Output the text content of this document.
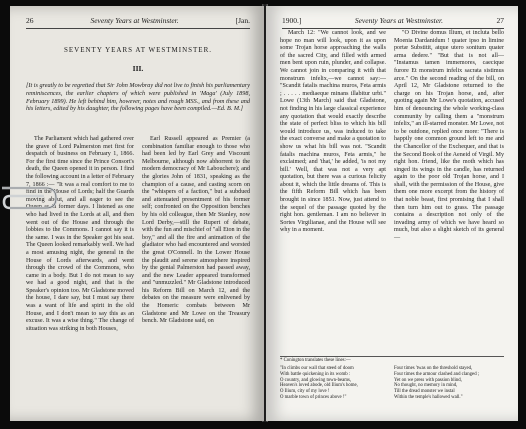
26	Seventy Years at Westminster.	[Jan.
SEVENTY YEARS AT WESTMINSTER.
III.
[It is greatly to be regretted that Sir John Mowbray did not live to finish his parliamentary reminiscences, the earlier chapters of which were published in 'Maga' (July 1898, February 1899). He left behind him, however, notes and rough MSS., and from these and his letters, edited by his daughter, the following pages have been compiled.—Ed. B. M.]

The Parliament which had gathered over the grave of Lord Palmerston met first for despatch of business on February 1, 1866. For the first time since the Prince Consort's death, the Queen opened it in person. I find the following account in a letter of February 7, 1866 :— "It was a real comfort to me to find in the House of Lords; half the Guards moving about, and all eager to see the Queen as in former days. I listened as one who had lived in the Lords at all, and then went out of the House and through the lobbies to the Commons. I cannot say it is the same. I was in the Speaker got his seat. The Queen looked remarkably well. We had a most amusing night, the general in the House of Lords afterwards, and went through the crowd of the Commons, who came in a body. But I do not mean to say we had a good night, and that is the Speaker's opinion too. Mr Gladstone moved the house, I dare say, but I must say there was a want of life and spirit in the old House, and I don't mean to say this as an excuse. It was a wise thing." The change of situation was striking in both Houses,

Earl Russell appeared as Premier (a combination familiar enough to those who had been led by Earl Grey and Viscount Melbourne, although now abhorrent to the modern democracy of Mr Labouchere); and the glories John of 1831, speaking as the champion of a cause, and casting scorn on the "whispers of a faction," but a subdued and attenuated presentment of his former self; confronted on the Opposition benches by his old colleague, then Mr Stanley, now Lord Derby,—still the Rupert of debate, with the fun and mischief of "all Eton in the boy," and all the fire and animation of the gladiator who had encountered and worsted the great O'Connell. In the Lower House the plaudit and serene atmosphere inspired by the genial Palmerston had passed away, and the new Leader appeared transformed and "unmuzzled." Mr Gladstone introduced his Reform Bill on March 12, and the debates on the measure were enlivened by the Homeric combats between Mr Gladstone and Mr Lowe on the Treasury bench. Mr Gladstone said, on

1900.]	Seventy Years at Westminster.	27

March 12: "We cannot look, and we hope no man will look, upon it as upon some Trojan horse approaching the walls of the sacred City, and filled with armed men bent upon ruin, plunder, and collapse. We cannot join in comparing it with that monstrum infelix,—we cannot say:— "Scandit fatalis machina muros, Feta armis ; . . . . . mediaeque minans illabitur urbi." Lowe (13th March) said that Gladstone, not finding in his large classical experience any quotation that would exactly describe the state of perfect bliss to which his bill would introduce us, was induced to take the exact converse and make a quotation to show us what his bill was not. "Scandit fatalis machina muros, Feta armis," he exclaimed; and 'that,' he added, 'is not my bill.' Well, that was not a very apt quotation, but there was a curious felicity about it, which the little dreams of. This is the fifth Reform Bill which has been brought in since 1851. Now, just attend to the sequel of the passage quoted by the right hon. gentleman. I am no believer in Sortes Virgilianae, and the House will see why in a moment.

"O Divine domus Ilium, et incluta bello Moenia Dardanidum ! quater ipso in limine portæ Substitit, atque utero sonitum quater arma dedere." "But that is not all— "Instamus tamen immemores, caecique furore Et monstrum infelix sacrata sistimus arce." On the second reading of the bill, on April 12, Mr Gladstone returned to the charge on his Trojan horse, and, after quoting again Mr Lowe's quotation, accused him of denouncing the whole working-class community by calling them a "monstrum infelix," an ill-starred monster. Mr Lowe, not to be outdone, replied once more: "There is happily one common ground left to me and the Chancellor of the Exchequer, and that is the Second Book of the Aeneid of Virgil. My right hon. friend, like the moth which has singed its wings in the candle, has returned again to the poor old Trojan horse, and I shall, with the permission of the House, give them one more excerpt from the history of that noble beast, first promising that I shall then turn him out to grass. The passage contains a description not only of the invading army of which we have heard so much, but also a slight sketch of its general—

* Conington translates these lines:—

"In climbs our wall that steed of doom

With battle quickening in its womb :

O country, and glowing town-beams,

Heaven's loved abode, old Ilium's home,

O Ilium, city of my love !

O marble town of princes above !"

Four times 'twas on the threshold stayed,

Four times the armour clashed and clanged ;

Yet on we press with passion blind,

No thought, no memory in mind,

Till the dread monster we instal

Within the temple's hallowed wall."
